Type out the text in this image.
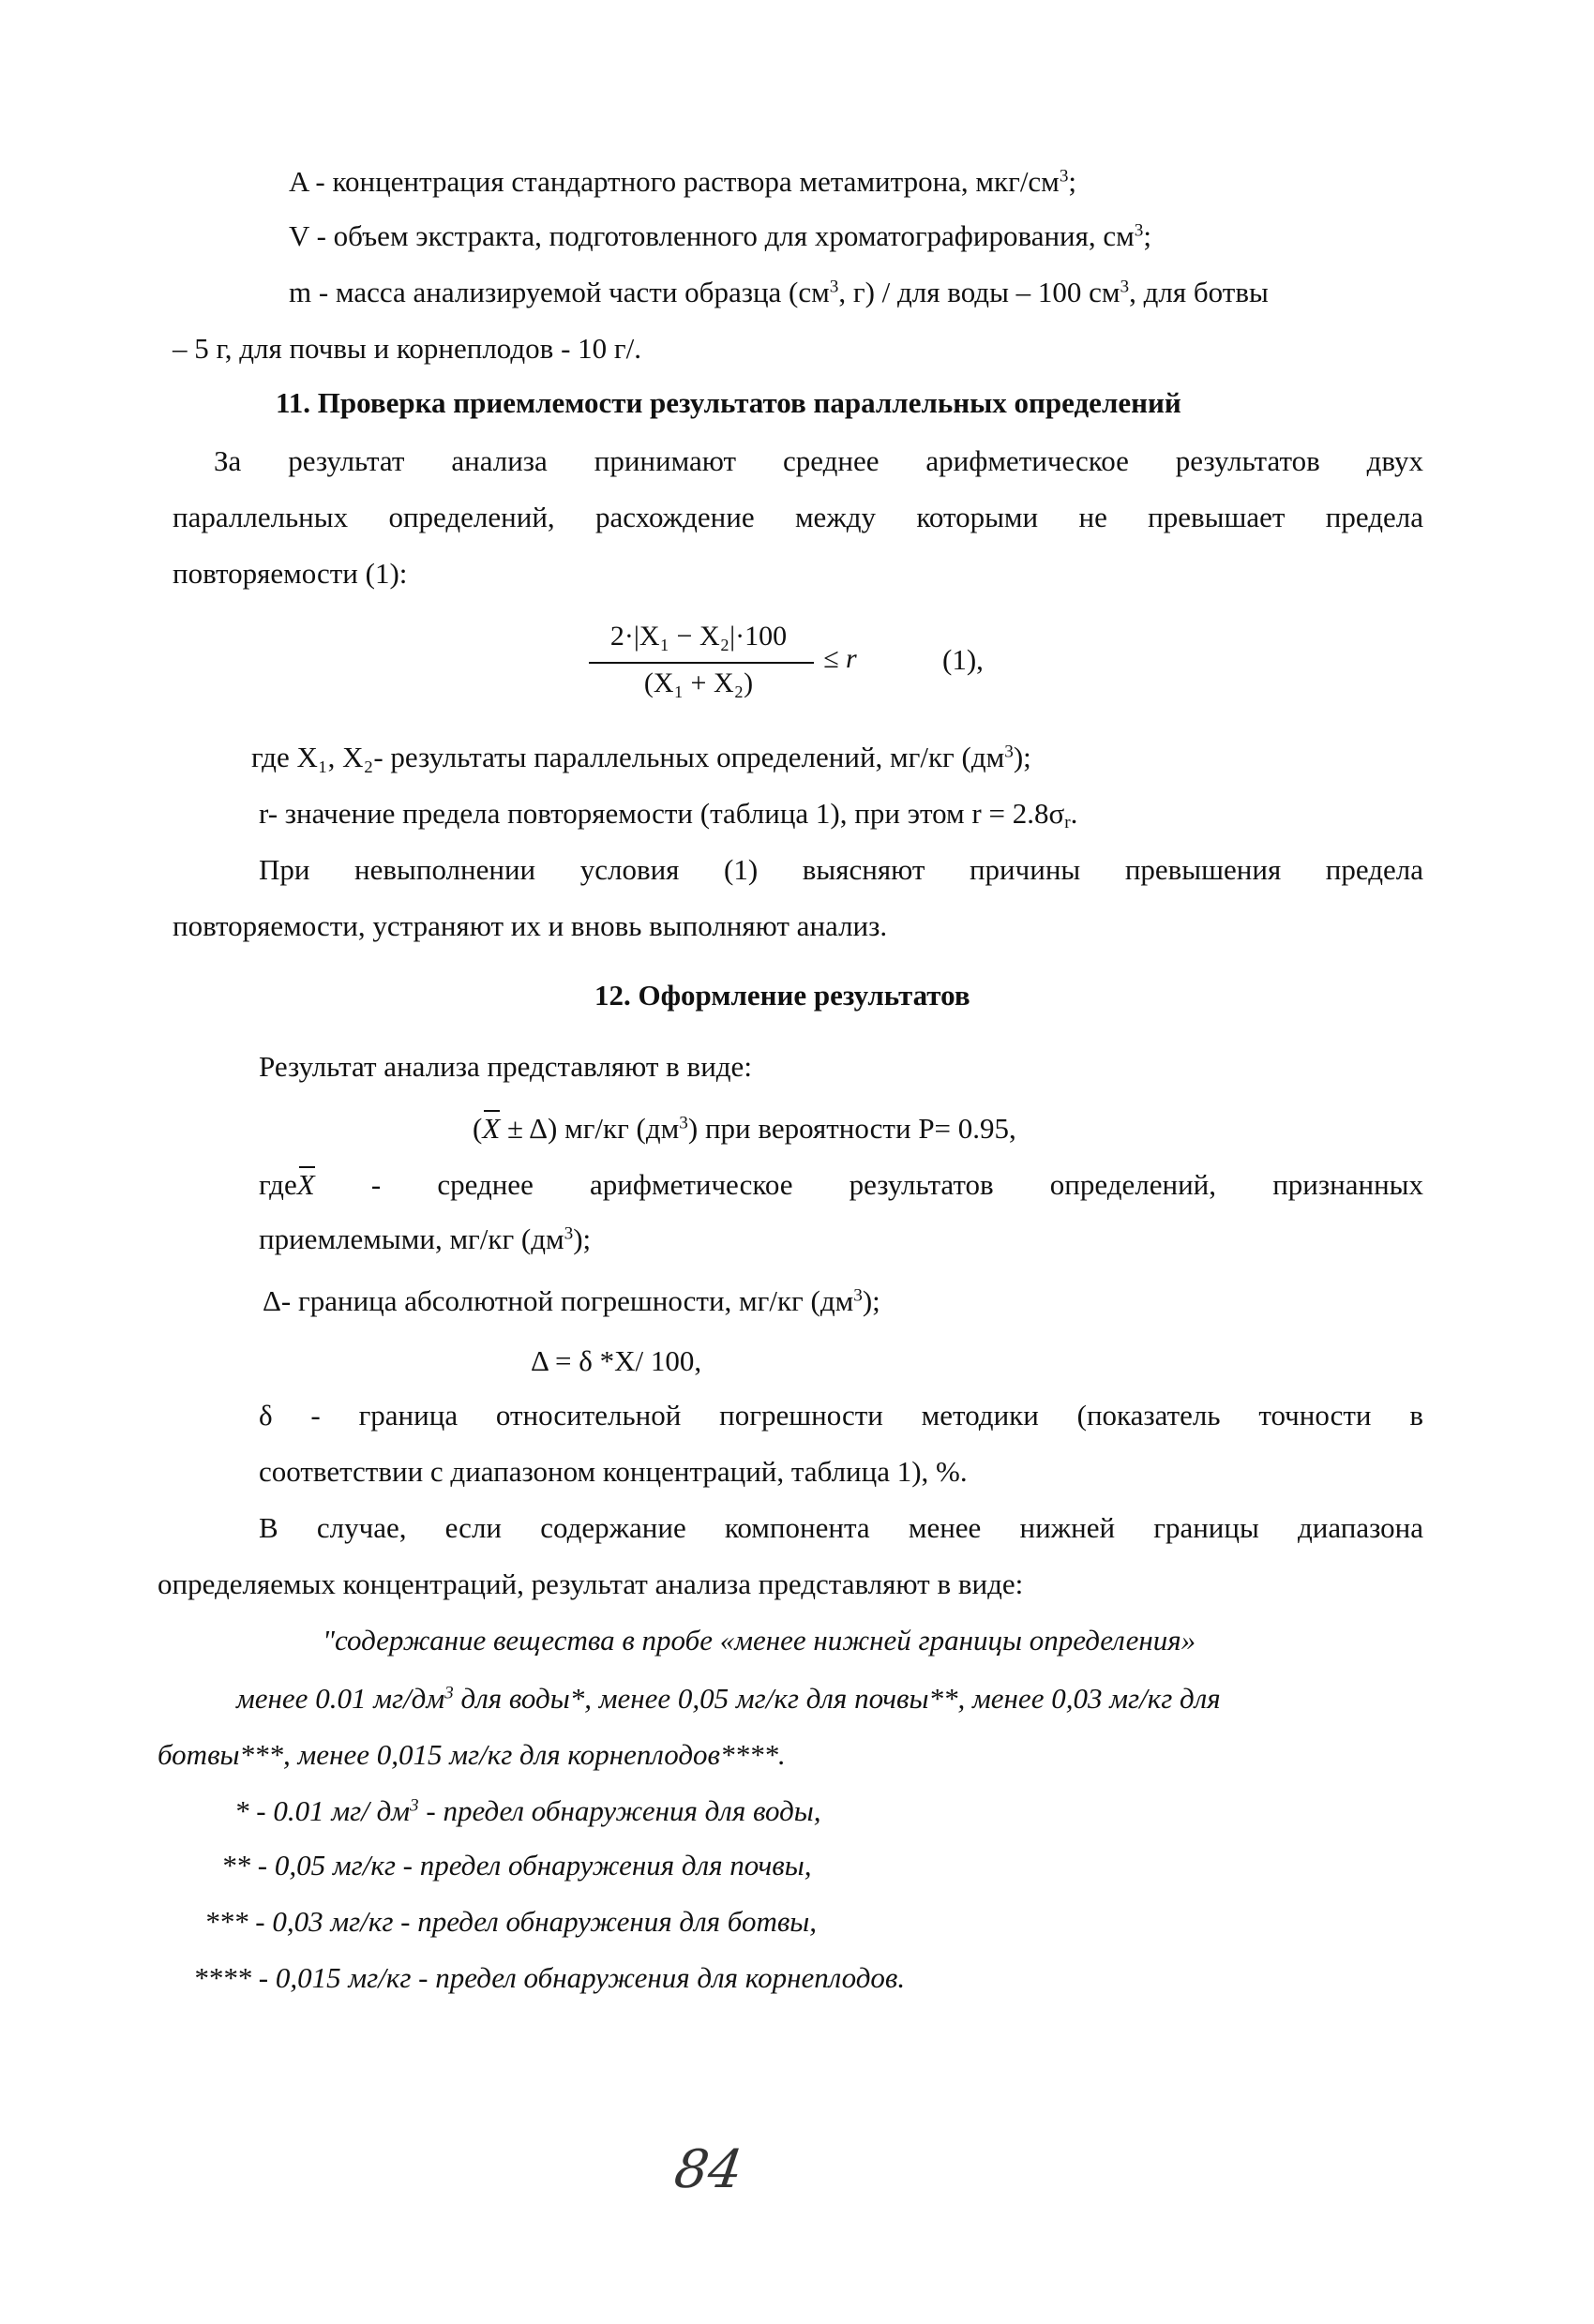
A - концентрация стандартного раствора метамитрона, мкг/$см^3$;
V - объем экстракта, подготовленного для хроматографирования, $см^3$;
m - масса анализируемой части образца ($см^3$, г) / для воды – 100 $см^3$, для ботвы
– 5 г, для почвы и корнеплодов - 10 г/.
11. Проверка приемлемости результатов параллельных определений
За результат анализа принимают среднее арифметическое результатов двух
параллельных определений, расхождение между которыми не превышает предела
повторяемости (1):
2·|X₁ − X₂|·100
(X₁ + X₂)
≤ r	(1),
где X₁, X₂- результаты параллельных определений, мг/кг $(дм^3)$;
r- значение предела повторяемости (таблица 1), при этом $r = 2.8\sigma_r$.
При невыполнении условия (1) выясняют причины превышения предела
повторяемости, устраняют их и вновь выполняют анализ.
12. Оформление результатов
Результат анализа представляют в виде:
(X ± Δ) мг/кг $(дм^3)$ при вероятности Р= 0.95,
гдеX - среднее арифметическое результатов определений, признанных
приемлемыми, мг/кг $(дм^3)$;
Δ- граница абсолютной погрешности, мг/кг $(дм^3)$;
Δ = δ *X/ 100,
δ - граница относительной погрешности методики (показатель точности в
соответствии с диапазоном концентраций, таблица 1), %.
В случае, если содержание компонента менее нижней границы диапазона
определяемых концентраций, результат анализа представляют в виде:
"содержание вещества в пробе «менее нижней границы определения»
менее 0.01 $мг/дм^3$ для воды*, менее 0,05 мг/кг для почвы**, менее 0,03 мг/кг для
ботвы***, менее 0,015 мг/кг для корнеплодов****.
* - 0.01 мг/ $дм^3$ - предел обнаружения для воды,
** - 0,05 мг/кг - предел обнаружения для почвы,
*** - 0,03 мг/кг - предел обнаружения для ботвы,
**** - 0,015 мг/кг - предел обнаружения для корнеплодов.
84
